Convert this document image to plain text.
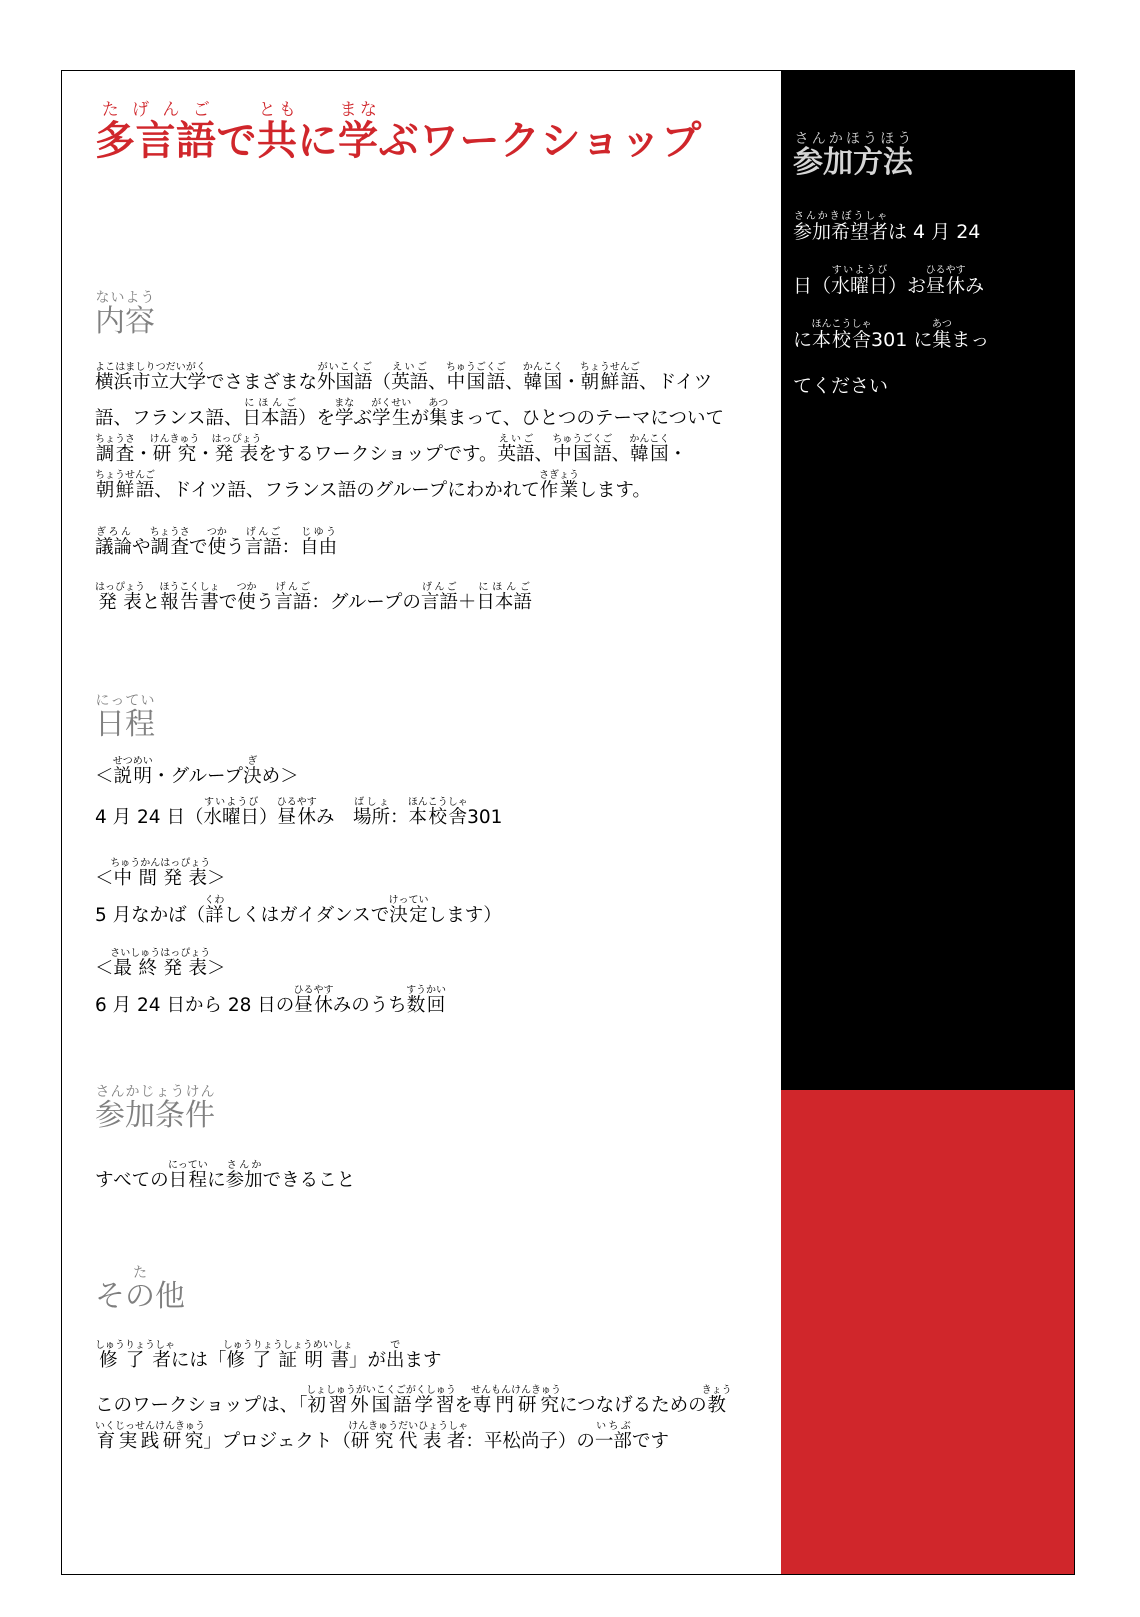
多言語たげんごで共ともに学まなぶワークショップ
内容ないよう
横浜市立大学よこはましりつだいがくでさまざまな外国語がいこくご（英語えいご、中国語ちゅうごくご、韓国かんこく・朝鮮語ちょうせんご、ドイツ語、フランス語、日本語にほんご）を学まなぶ学生がくせいが集あつまって、ひとつのテーマについて調査ちょうさ・研究けんきゅう・発表はっぴょうをするワークショップです。英語えいご、中国語ちゅうごくご、韓国かんこく・朝鮮語ちょうせんご、ドイツ語、フランス語のグループにわかれて作業さぎょうします。
議論ぎろんや調査ちょうさで使つかう言語げんご：自由じゆう
発表はっぴょうと報告書ほうこくしょで使つかう言語げんご：グループの言語げんご＋日本語にほんご
日程にってい
＜説明せつめい・グループ決ぎめ＞
4 月 24 日（水曜日すいようび）昼休ひるやすみ　場所ばしょ：本校舎ほんこうしゃ301
＜中間発表ちゅうかんはっぴょう＞
5 月なかば（詳くわしくはガイダンスで決定けっていします）
＜最終発表さいしゅうはっぴょう＞
6 月 24 日から 28 日の昼休ひるやすみのうち数回すうかい
参加条件さんかじょうけん
すべての日程にっていに参加さんかできること
その他た
修了者しゅうりょうしゃには「修了証明書しゅうりょうしょうめいしょ」が出でます
このワークショップは、「初習外国語学習しょしゅうがいこくごがくしゅうを専門研究せんもんけんきゅうにつなげるための教育実践研究きょういくじっせんけんきゅう」プロジェクト（研究代表者けんきゅうだいひょうしゃ：平松尚子）の一部いちぶです
参加方法さんかほうほう
参加希望者さんかきぼうしゃは 4 月 24
日（水曜日すいようび）お昼休ひるやすみ
に本校舎ほんこうしゃ301 に集あつまっ
てください
